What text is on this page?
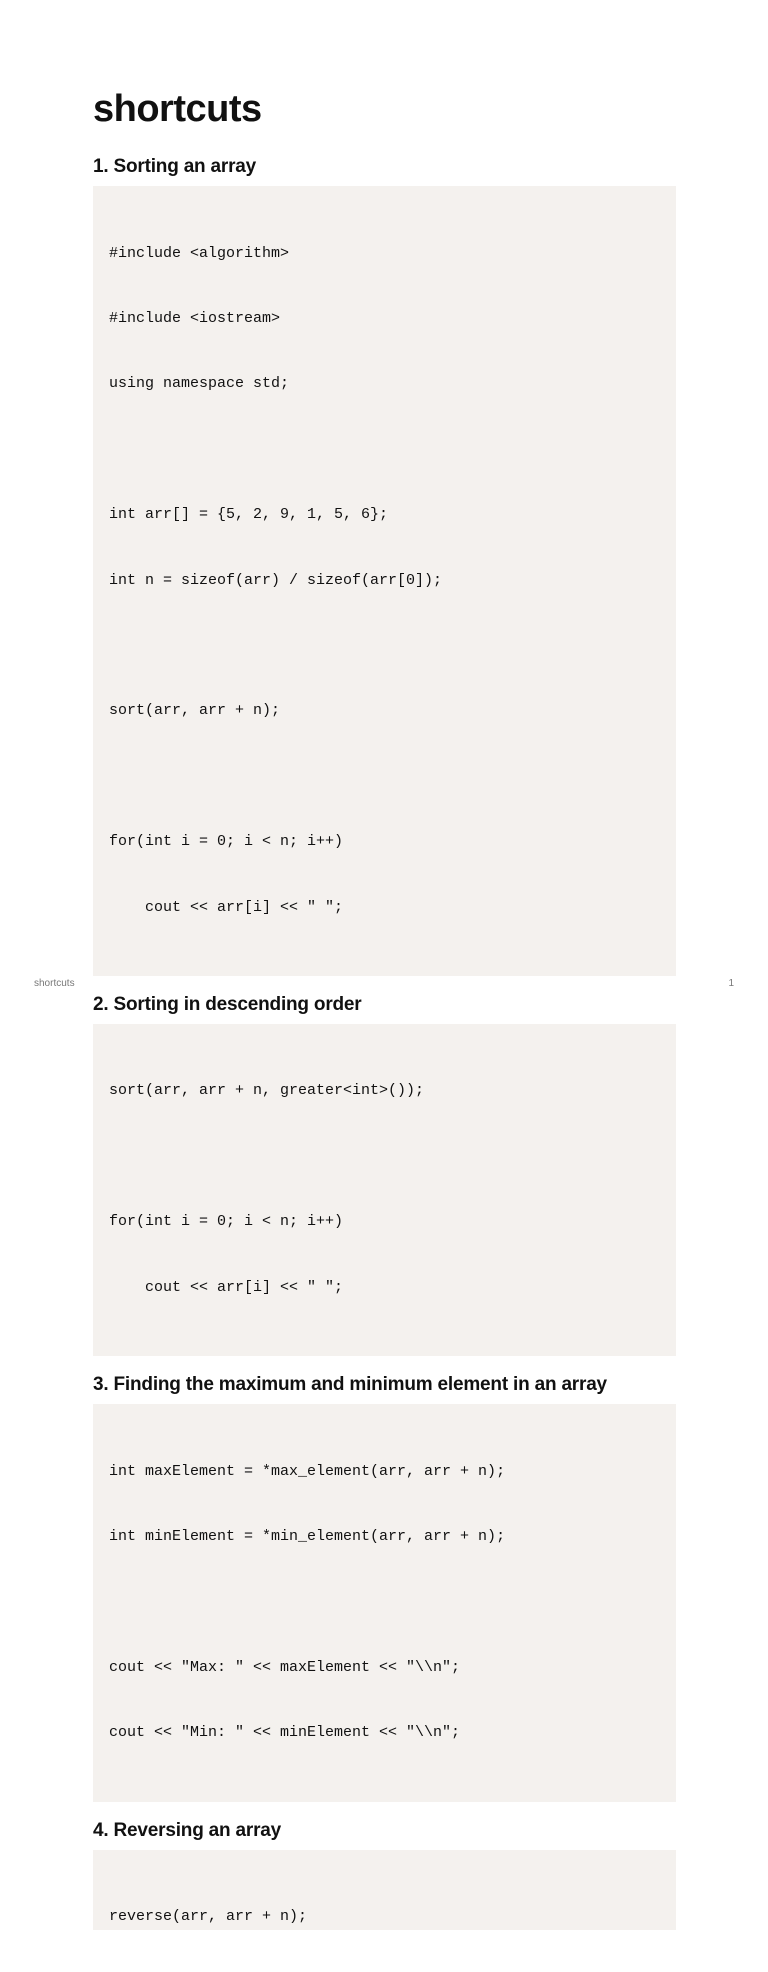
shortcuts
1. Sorting an array

#include <algorithm>

#include <iostream>

using namespace std;

int arr[] = {5, 2, 9, 1, 5, 6};

int n = sizeof(arr) / sizeof(arr[0]);

sort(arr, arr + n);

for(int i = 0; i < n; i++)

cout << arr[i] << " ";

2. Sorting in descending order

sort(arr, arr + n, greater<int>());

for(int i = 0; i < n; i++)

cout << arr[i] << " ";

3. Finding the maximum and minimum element in an array

int maxElement = *max_element(arr, arr + n);

int minElement = *min_element(arr, arr + n);

cout << "Max: " << maxElement << "\\n";

cout << "Min: " << minElement << "\\n";

4. Reversing an array

reverse(arr, arr + n);

shortcuts	1
